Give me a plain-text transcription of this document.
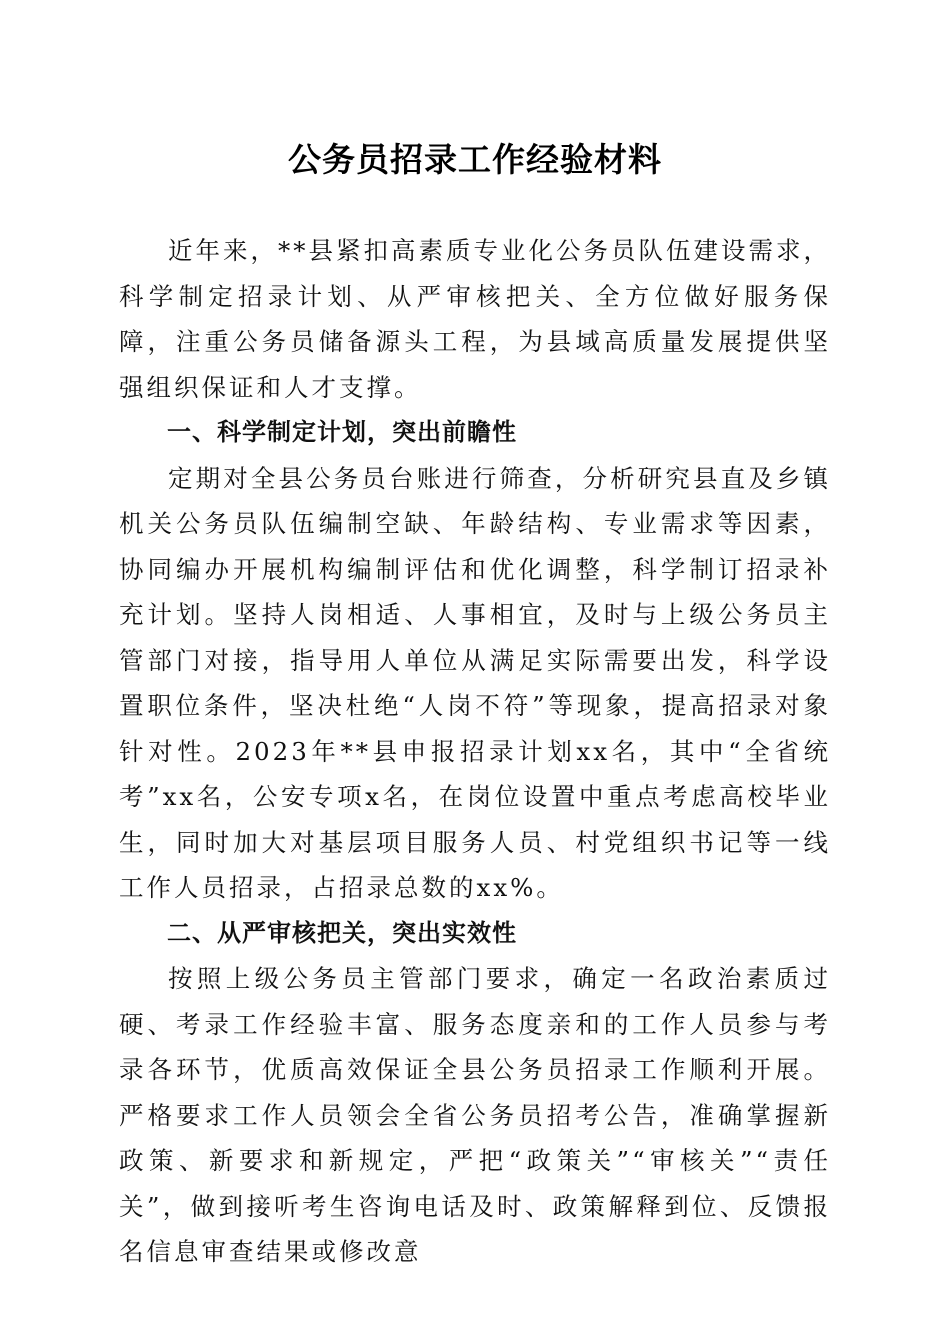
公务员招录工作经验材料

近年来，**县紧扣高素质专业化公务员队伍建设需求，科学制定招录计划、从严审核把关、全方位做好服务保障，注重公务员储备源头工程，为县域高质量发展提供坚强组织保证和人才支撑。

一、科学制定计划，突出前瞻性

定期对全县公务员台账进行筛查，分析研究县直及乡镇机关公务员队伍编制空缺、年龄结构、专业需求等因素，协同编办开展机构编制评估和优化调整，科学制订招录补充计划。坚持人岗相适、人事相宜，及时与上级公务员主管部门对接，指导用人单位从满足实际需要出发，科学设置职位条件，坚决杜绝“人岗不符”等现象，提高招录对象针对性。2023年**县申报招录计划xx名，其中“全省统考”xx名，公安专项x名，在岗位设置中重点考虑高校毕业生，同时加大对基层项目服务人员、村党组织书记等一线工作人员招录，占招录总数的xx%。

二、从严审核把关，突出实效性

按照上级公务员主管部门要求，确定一名政治素质过硬、考录工作经验丰富、服务态度亲和的工作人员参与考录各环节，优质高效保证全县公务员招录工作顺利开展。严格要求工作人员领会全省公务员招考公告，准确掌握新政策、新要求和新规定，严把“政策关”“审核关”“责任关”，做到接听考生咨询电话及时、政策解释到位、反馈报名信息审查结果或修改意
